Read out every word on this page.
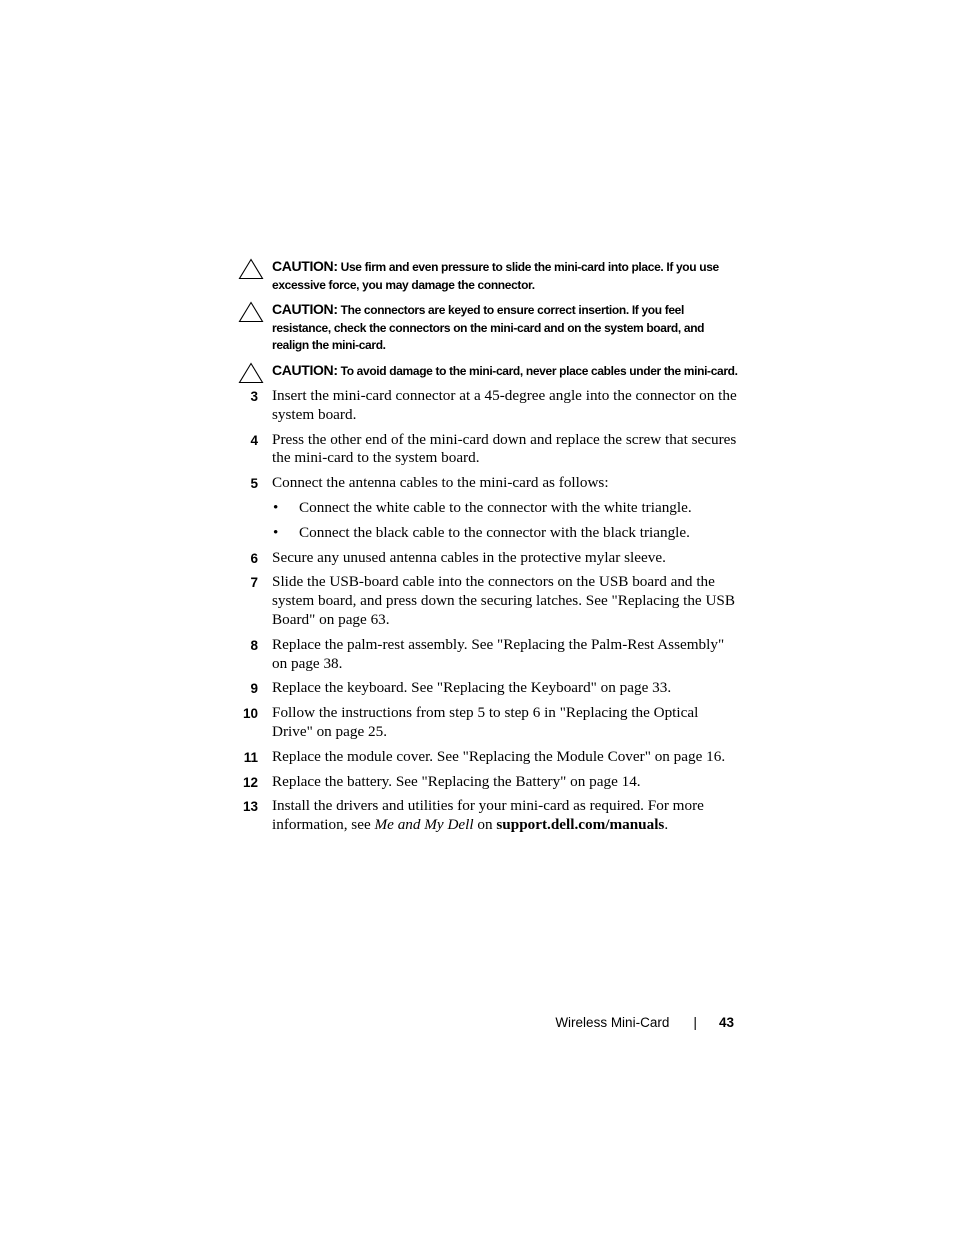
CAUTION: Use firm and even pressure to slide the mini-card into place. If you use excessive force, you may damage the connector.
CAUTION: The connectors are keyed to ensure correct insertion. If you feel resistance, check the connectors on the mini-card and on the system board, and realign the mini-card.
CAUTION: To avoid damage to the mini-card, never place cables under the mini-card.
3 Insert the mini-card connector at a 45-degree angle into the connector on the system board.
4 Press the other end of the mini-card down and replace the screw that secures the mini-card to the system board.
5 Connect the antenna cables to the mini-card as follows:
• Connect the white cable to the connector with the white triangle.
• Connect the black cable to the connector with the black triangle.
6 Secure any unused antenna cables in the protective mylar sleeve.
7 Slide the USB-board cable into the connectors on the USB board and the system board, and press down the securing latches. See "Replacing the USB Board" on page 63.
8 Replace the palm-rest assembly. See "Replacing the Palm-Rest Assembly" on page 38.
9 Replace the keyboard. See "Replacing the Keyboard" on page 33.
10 Follow the instructions from step 5 to step 6 in "Replacing the Optical Drive" on page 25.
11 Replace the module cover. See "Replacing the Module Cover" on page 16.
12 Replace the battery. See "Replacing the Battery" on page 14.
13 Install the drivers and utilities for your mini-card as required. For more information, see Me and My Dell on support.dell.com/manuals.
Wireless Mini-Card | 43
